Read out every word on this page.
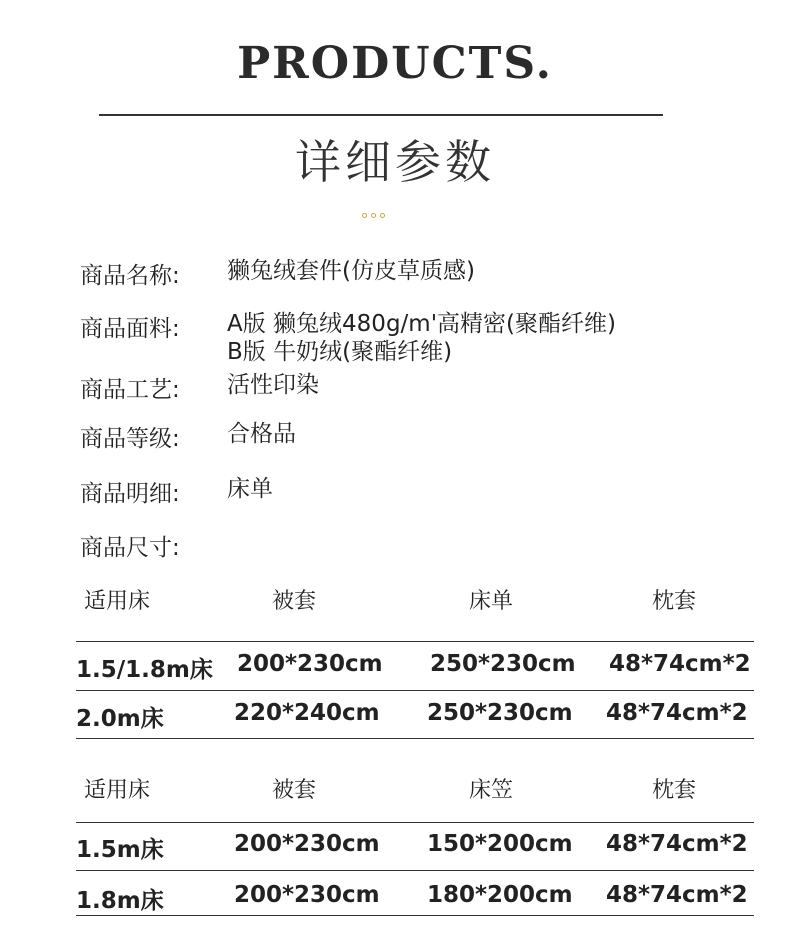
PRODUCTS.
详细参数
商品名称:	獭兔绒套件(仿皮草质感)
商品面料:	A版 獭兔绒480g/m'高精密(聚酯纤维)
B版 牛奶绒(聚酯纤维)
商品工艺:	活性印染
商品等级:	合格品
商品明细:	床单
商品尺寸:
适用床	被套	床单	枕套
1.5/1.8m床 200*230cm 250*230cm 48*74cm*2
2.0m床	220*240cm 250*230cm 48*74cm*2
适用床	被套	床笠	枕套
1.5m床	200*230cm 150*200cm 48*74cm*2
1.8m床	200*230cm 180*200cm 48*74cm*2
